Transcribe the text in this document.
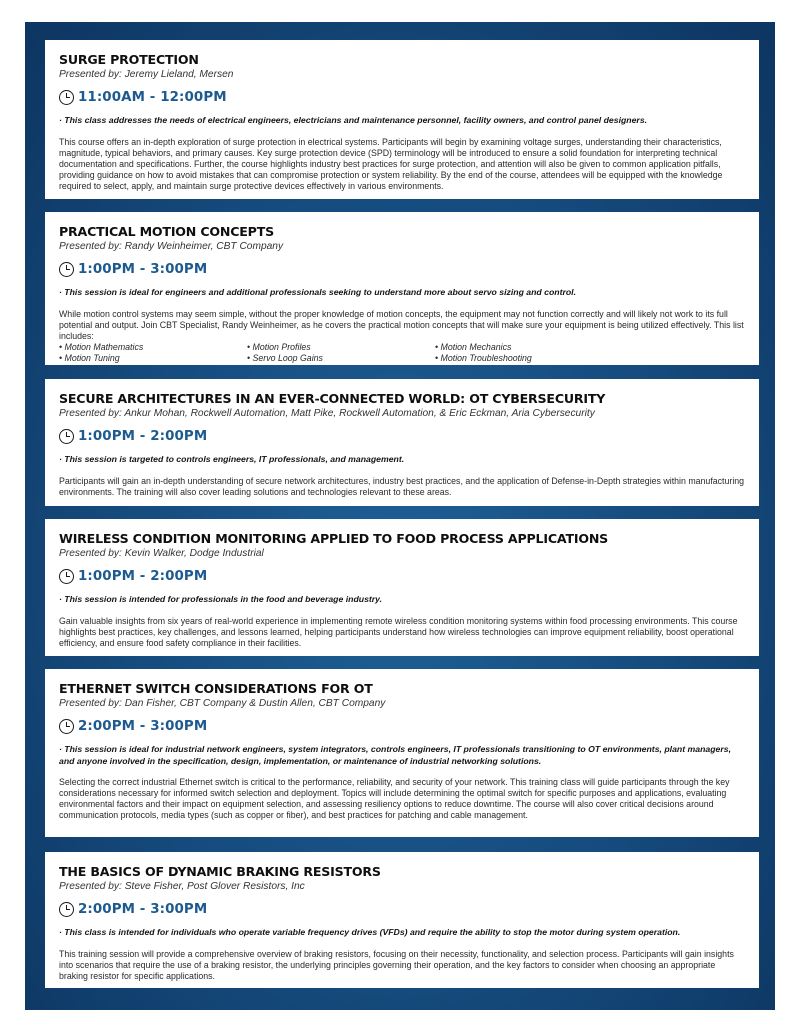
SURGE PROTECTION
Presented by: Jeremy Lieland, Mersen
11:00AM - 12:00PM
· This class addresses the needs of electrical engineers, electricians and maintenance personnel, facility owners, and control panel designers.
This course offers an in-depth exploration of surge protection in electrical systems. Participants will begin by examining voltage surges, understanding their characteristics, magnitude, typical behaviors, and primary causes. Key surge protection device (SPD) terminology will be introduced to ensure a solid foundation for interpreting technical documentation and specifications. Further, the course highlights industry best practices for surge protection, and attention will also be given to common application pitfalls, providing guidance on how to avoid mistakes that can compromise protection or system reliability. By the end of the course, attendees will be equipped with the knowledge required to select, apply, and maintain surge protective devices effectively in various environments.
PRACTICAL MOTION CONCEPTS
Presented by: Randy Weinheimer, CBT Company
1:00PM - 3:00PM
· This session is ideal for engineers and additional professionals seeking to understand more about servo sizing and control.
While motion control systems may seem simple, without the proper knowledge of motion concepts, the equipment may not function correctly and will likely not work to its full potential and output. Join CBT Specialist, Randy Weinheimer, as he covers the practical motion concepts that will make sure your equipment is being utilized effectively. This list includes:
• Motion Mathematics	• Motion Profiles	• Motion Mechanics
• Motion Tuning	• Servo Loop Gains	• Motion Troubleshooting
SECURE ARCHITECTURES IN AN EVER-CONNECTED WORLD: OT CYBERSECURITY
Presented by: Ankur Mohan, Rockwell Automation, Matt Pike, Rockwell Automation, & Eric Eckman, Aria Cybersecurity
1:00PM - 2:00PM
· This session is targeted to controls engineers, IT professionals, and management.
Participants will gain an in-depth understanding of secure network architectures, industry best practices, and the application of Defense-in-Depth strategies within manufacturing environments. The training will also cover leading solutions and technologies relevant to these areas.
WIRELESS CONDITION MONITORING APPLIED TO FOOD PROCESS APPLICATIONS
Presented by: Kevin Walker, Dodge Industrial
1:00PM - 2:00PM
· This session is intended for professionals in the food and beverage industry.
Gain valuable insights from six years of real-world experience in implementing remote wireless condition monitoring systems within food processing environments. This course highlights best practices, key challenges, and lessons learned, helping participants understand how wireless technologies can improve equipment reliability, boost operational efficiency, and ensure food safety compliance in their facilities.
ETHERNET SWITCH CONSIDERATIONS FOR OT
Presented by: Dan Fisher, CBT Company & Dustin Allen, CBT Company
2:00PM - 3:00PM
· This session is ideal for industrial network engineers, system integrators, controls engineers, IT professionals transitioning to OT environments, plant managers, and anyone involved in the specification, design, implementation, or maintenance of industrial networking solutions.
Selecting the correct industrial Ethernet switch is critical to the performance, reliability, and security of your network. This training class will guide participants through the key considerations necessary for informed switch selection and deployment. Topics will include determining the optimal switch for specific purposes and applications, evaluating environmental factors and their impact on equipment selection, and assessing resiliency options to reduce downtime. The course will also cover critical decisions around communication protocols, media types (such as copper or fiber), and best practices for patching and cable management.
THE BASICS OF DYNAMIC BRAKING RESISTORS
Presented by: Steve Fisher, Post Glover Resistors, Inc
2:00PM - 3:00PM
· This class is intended for individuals who operate variable frequency drives (VFDs) and require the ability to stop the motor during system operation.
This training session will provide a comprehensive overview of braking resistors, focusing on their necessity, functionality, and selection process. Participants will gain insights into scenarios that require the use of a braking resistor, the underlying principles governing their operation, and the key factors to consider when choosing an appropriate braking resistor for specific applications.
